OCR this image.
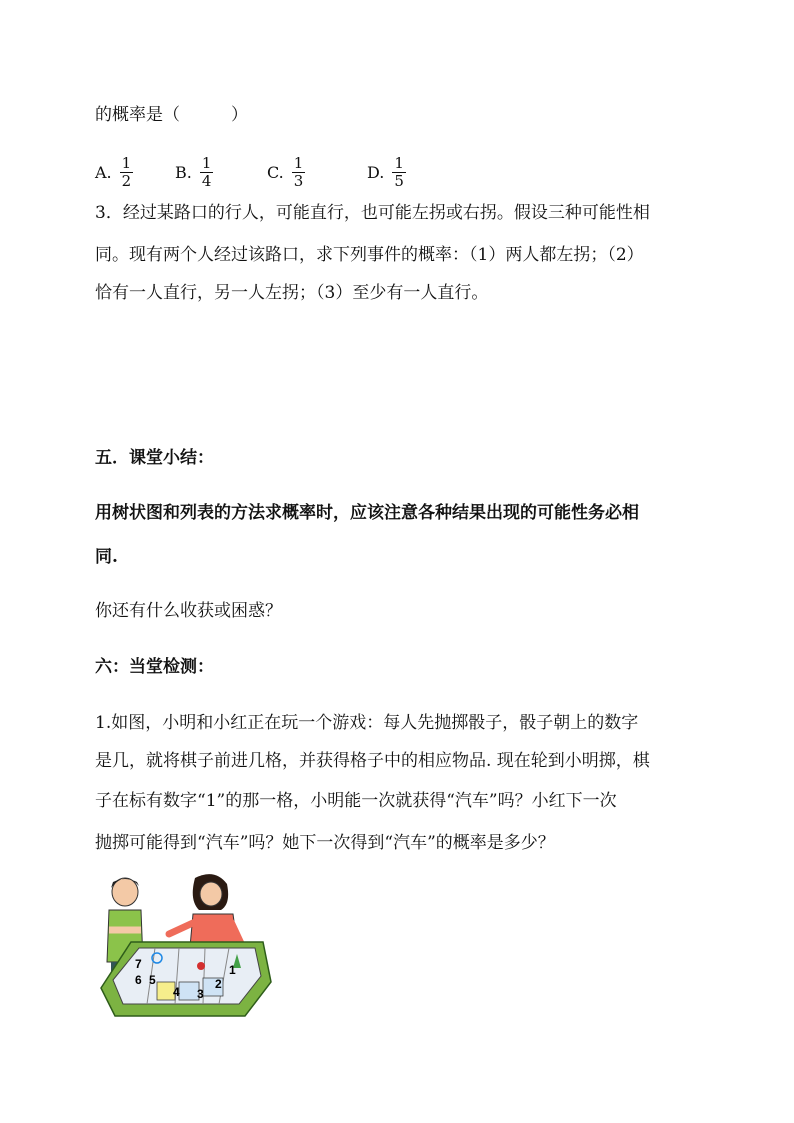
的概率是（　　　）
A. $\frac{1}{2}$	B. $\frac{1}{4}$	C. $\frac{1}{3}$	D. $\frac{1}{5}$
3．经过某路口的行人，可能直行，也可能左拐或右拐。假设三种可能性相
同。现有两个人经过该路口，求下列事件的概率：（1）两人都左拐；（2）
恰有一人直行，另一人左拐；（3）至少有一人直行。
五．课堂小结：
用树状图和列表的方法求概率时，应该注意各种结果出现的可能性务必相
同.
你还有什么收获或困惑？
六：当堂检测：
1.如图，小明和小红正在玩一个游戏：每人先抛掷骰子，骰子朝上的数字
是几，就将棋子前进几格，并获得格子中的相应物品. 现在轮到小明掷，棋
子在标有数字“1”的那一格，小明能一次就获得“汽车”吗？小红下一次
抛掷可能得到“汽车”吗？她下一次得到“汽车”的概率是多少？
7
6 5
4 3
2
1
